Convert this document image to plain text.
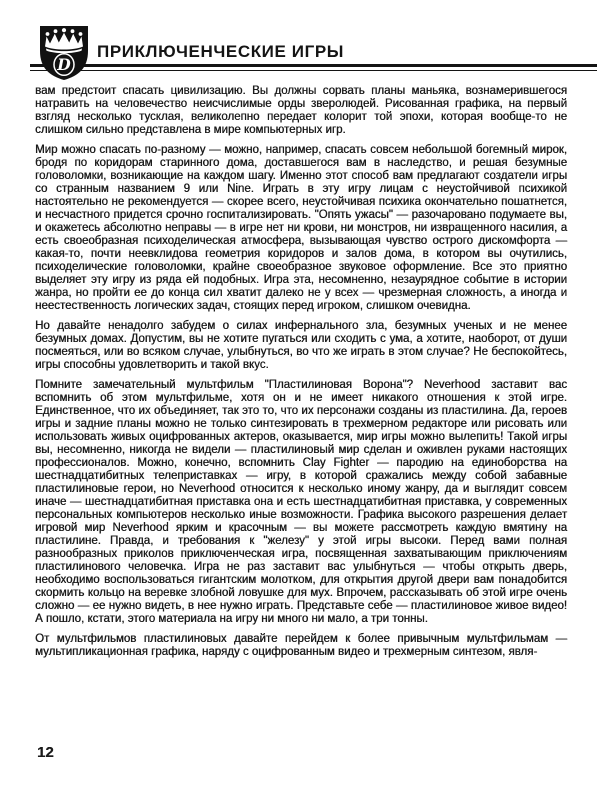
D
ПРИКЛЮЧЕНЧЕСКИЕ ИГРЫ

вам предстоит спасать цивилизацию. Вы должны сорвать планы маньяка, вознамерившегося натравить на человечество неисчислимые орды зверолюдей. Рисованная графика, на первый взгляд несколько тусклая, великолепно передает колорит той эпохи, которая вообще-то не слишком сильно представлена в мире компьютерных игр.

Мир можно спасать по-разному — можно, например, спасать совсем небольшой богемный мирок, бродя по коридорам старинного дома, доставшегося вам в наследство, и решая безумные головоломки, возникающие на каждом шагу. Именно этот способ вам предлагают создатели игры со странным названием 9 или Nine. Играть в эту игру лицам с неустойчивой психикой настоятельно не рекомендуется — скорее всего, неустойчивая психика окончательно пошатнется, и несчастного придется срочно госпитализировать. "Опять ужасы" — разочаровано подумаете вы, и окажетесь абсолютно неправы — в игре нет ни крови, ни монстров, ни извращенного насилия, а есть своеобразная психоделическая атмосфера, вызывающая чувство острого дискомфорта — какая-то, почти неевклидова геометрия коридоров и залов дома, в котором вы очутились, психоделические головоломки, крайне своеобразное звуковое оформление. Все это приятно выделяет эту игру из ряда ей подобных. Игра эта, несомненно, незаурядное событие в истории жанра, но пройти ее до конца сил хватит далеко не у всех — чрезмерная сложность, а иногда и неестественность логических задач, стоящих перед игроком, слишком очевидна.

Но давайте ненадолго забудем о силах инфернального зла, безумных ученых и не менее безумных домах. Допустим, вы не хотите пугаться или сходить с ума, а хотите, наоборот, от души посмеяться, или во всяком случае, улыбнуться, во что же играть в этом случае? Не беспокойтесь, игры способны удовлетворить и такой вкус.

Помните замечательный мультфильм "Пластилиновая Ворона"? Neverhood заставит вас вспомнить об этом мультфильме, хотя он и не имеет никакого отношения к этой игре. Единственное, что их объединяет, так это то, что их персонажи созданы из пластилина. Да, героев игры и задние планы можно не только синтезировать в трехмерном редакторе или рисовать или использовать живых оцифрованных актеров, оказывается, мир игры можно вылепить! Такой игры вы, несомненно, никогда не видели — пластилиновый мир сделан и оживлен руками настоящих профессионалов. Можно, конечно, вспомнить Clay Fighter — пародию на единоборства на шестнадцатибитных телеприставках — игру, в которой сражались между собой забавные пластилиновые герои, но Neverhood относится к несколько иному жанру, да и выглядит совсем иначе — шестнадцатибитная приставка она и есть шестнадцатибитная приставка, у современных персональных компьютеров несколько иные возможности. Графика высокого разрешения делает игровой мир Neverhood ярким и красочным — вы можете рассмотреть каждую вмятину на пластилине. Правда, и требования к "железу" у этой игры высоки. Перед вами полная разнообразных приколов приключенческая игра, посвященная захватывающим приключениям пластилинового человечка. Игра не раз заставит вас улыбнуться — чтобы открыть дверь, необходимо воспользоваться гигантским молотком, для открытия другой двери вам понадобится скормить кольцо на веревке злобной ловушке для мух. Впрочем, рассказывать об этой игре очень сложно — ее нужно видеть, в нее нужно играть. Представьте себе — пластилиновое живое видео! А пошло, кстати, этого материала на игру ни много ни мало, а три тонны.

От мультфильмов пластилиновых давайте перейдем к более привычным мультфильмам — мультипликационная графика, наряду с оцифрованным видео и трехмерным синтезом, явля-

12
